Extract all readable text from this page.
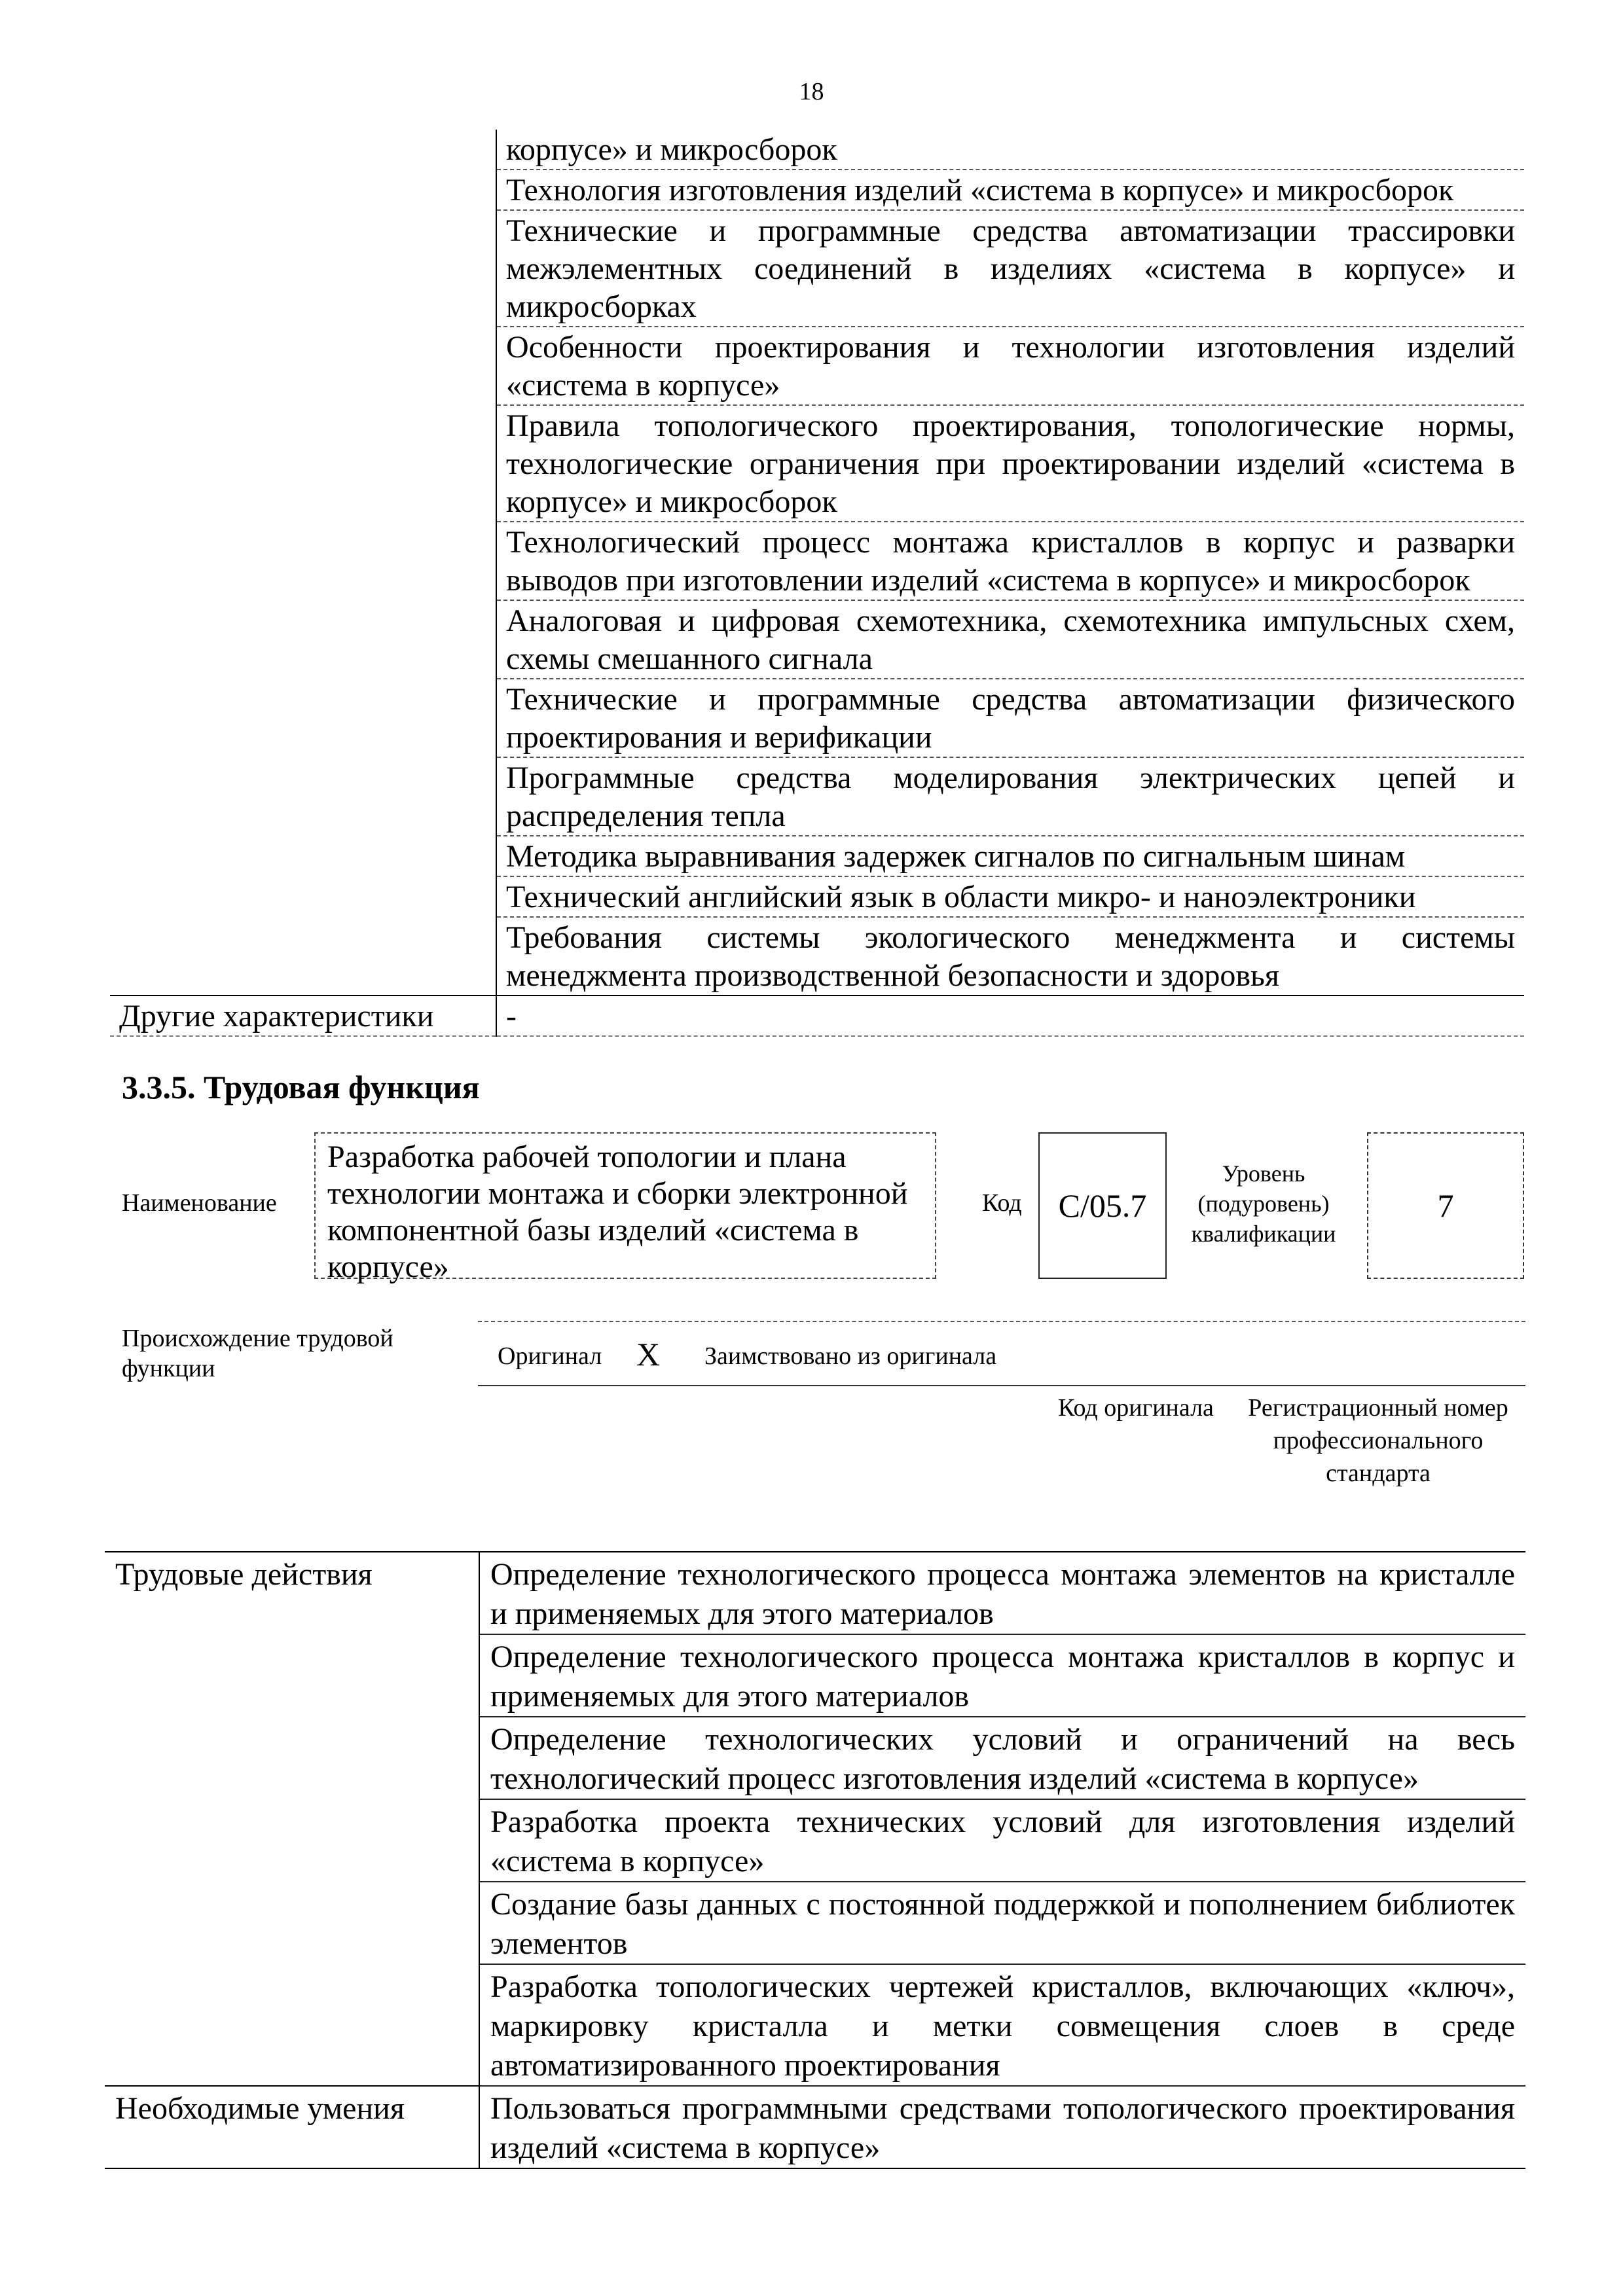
18
	корпусе» и микросборок
	Технология изготовления изделий «система в корпусе» и микросборок
	Технические и программные средства автоматизации трассировки межэлементных соединений в изделиях «система в корпусе» и микросборках
	Особенности проектирования и технологии изготовления изделий «система в корпусе»
	Правила топологического проектирования, топологические нормы, технологические ограничения при проектировании изделий «система в корпусе» и микросборок
	Технологический процесс монтажа кристаллов в корпус и разварки выводов при изготовлении изделий «система в корпусе» и микросборок
	Аналоговая и цифровая схемотехника, схемотехника импульсных схем, схемы смешанного сигнала
	Технические и программные средства автоматизации физического проектирования и верификации
	Программные средства моделирования электрических цепей и распределения тепла
	Методика выравнивания задержек сигналов по сигнальным шинам
	Технический английский язык в области микро- и наноэлектроники
	Требования системы экологического менеджмента и системы менеджмента производственной безопасности и здоровья
Другие характеристики	-
3.3.5. Трудовая функция
Наименование
Разработка рабочей топологии и плана технологии монтажа и сборки электронной компонентной базы изделий «система в корпусе»
Код	C/05.7
Уровень (подуровень) квалификации
7
Происхождение трудовой функции	Оригинал X Заимствовано из оригинала
Код оригинала	Регистрационный номер профессионального стандарта
Трудовые действия	Определение технологического процесса монтажа элементов на кристалле и применяемых для этого материалов
	Определение технологического процесса монтажа кристаллов в корпус и применяемых для этого материалов
	Определение технологических условий и ограничений на весь технологический процесс изготовления изделий «система в корпусе»
	Разработка проекта технических условий для изготовления изделий «система в корпусе»
	Создание базы данных с постоянной поддержкой и пополнением библиотек элементов
	Разработка топологических чертежей кристаллов, включающих «ключ», маркировку кристалла и метки совмещения слоев в среде автоматизированного проектирования
Необходимые умения	Пользоваться программными средствами топологического проектирования изделий «система в корпусе»
